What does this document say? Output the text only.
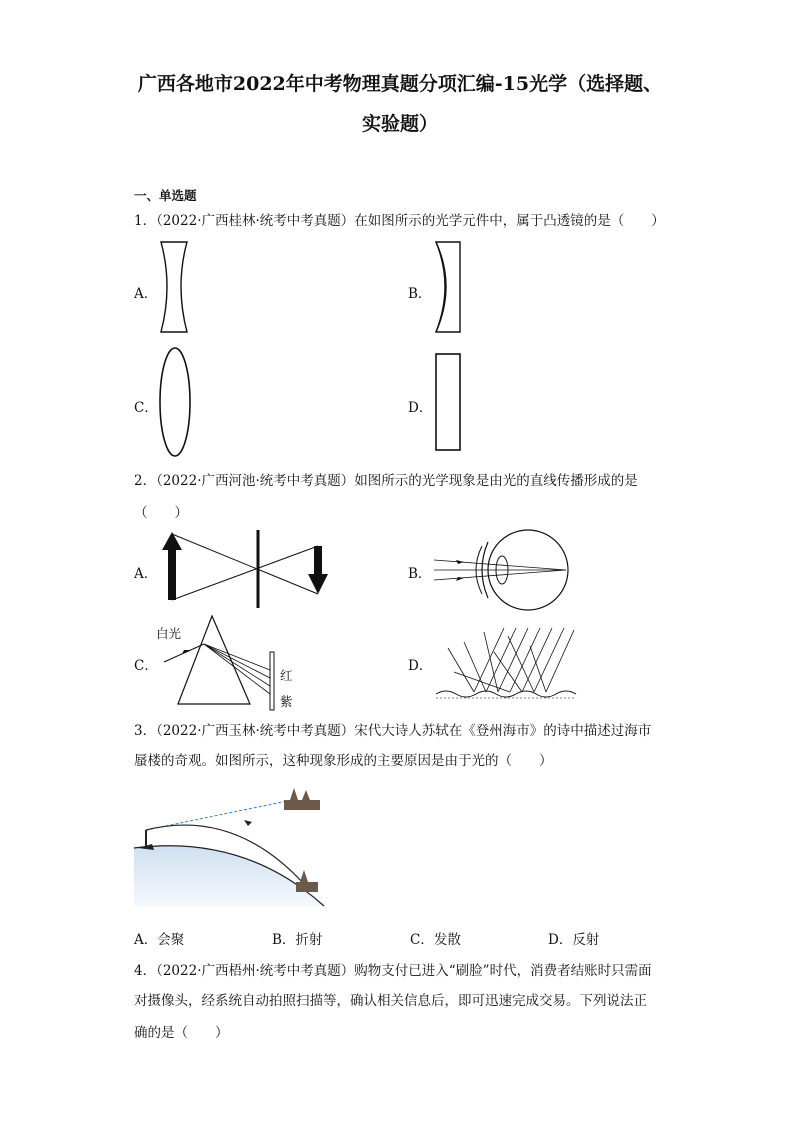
广西各地市2022年中考物理真题分项汇编-15光学（选择题、
实验题）
一、单选题
1．（2022·广西桂林·统考中考真题）在如图所示的光学元件中，属于凸透镜的是（　　）
A．	B．
C．	D．
2．（2022·广西河池·统考中考真题）如图所示的光学现象是由光的直线传播形成的是
（　　）
A．	B．
C．
白光
红
紫
D．
3．（2022·广西玉林·统考中考真题）宋代大诗人苏轼在《登州海市》的诗中描述过海市
蜃楼的奇观。如图所示，这种现象形成的主要原因是由于光的（　　）
A．会聚	B．折射	C．发散	D．反射
4．（2022·广西梧州·统考中考真题）购物支付已进入“刷脸”时代，消费者结账时只需面
对摄像头，经系统自动拍照扫描等，确认相关信息后，即可迅速完成交易。下列说法正
确的是（　　）
